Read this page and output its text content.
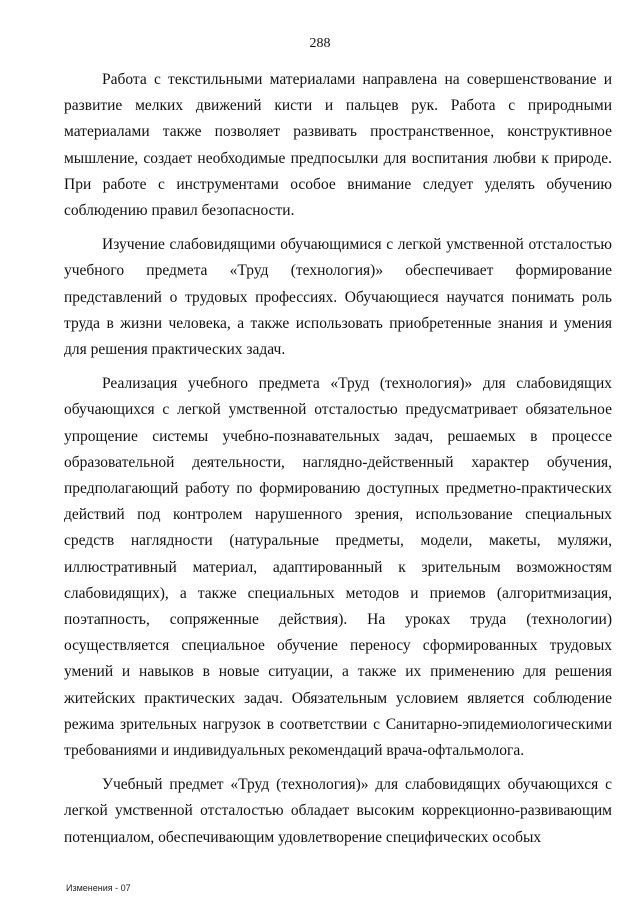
288

Работа с текстильными материалами направлена на совершенствование и развитие мелких движений кисти и пальцев рук. Работа с природными материалами также позволяет развивать пространственное, конструктивное мышление, создает необходимые предпосылки для воспитания любви к природе. При работе с инструментами особое внимание следует уделять обучению соблюдению правил безопасности.

Изучение слабовидящими обучающимися с легкой умственной отсталостью учебного предмета «Труд (технология)» обеспечивает формирование представлений о трудовых профессиях. Обучающиеся научатся понимать роль труда в жизни человека, а также использовать приобретенные знания и умения для решения практических задач.

Реализация учебного предмета «Труд (технология)» для слабовидящих обучающихся с легкой умственной отсталостью предусматривает обязательное упрощение системы учебно-познавательных задач, решаемых в процессе образовательной деятельности, наглядно-действенный характер обучения, предполагающий работу по формированию доступных предметно-практических действий под контролем нарушенного зрения, использование специальных средств наглядности (натуральные предметы, модели, макеты, муляжи, иллюстративный материал, адаптированный к зрительным возможностям слабовидящих), а также специальных методов и приемов (алгоритмизация, поэтапность, сопряженные действия). На уроках труда (технологии) осуществляется специальное обучение переносу сформированных трудовых умений и навыков в новые ситуации, а также их применению для решения житейских практических задач. Обязательным условием является соблюдение режима зрительных нагрузок в соответствии с Санитарно-эпидемиологическими требованиями и индивидуальных рекомендаций врача-офтальмолога.

Учебный предмет «Труд (технология)» для слабовидящих обучающихся с легкой умственной отсталостью обладает высоким коррекционно-развивающим потенциалом, обеспечивающим удовлетворение специфических особых

Изменения - 07
